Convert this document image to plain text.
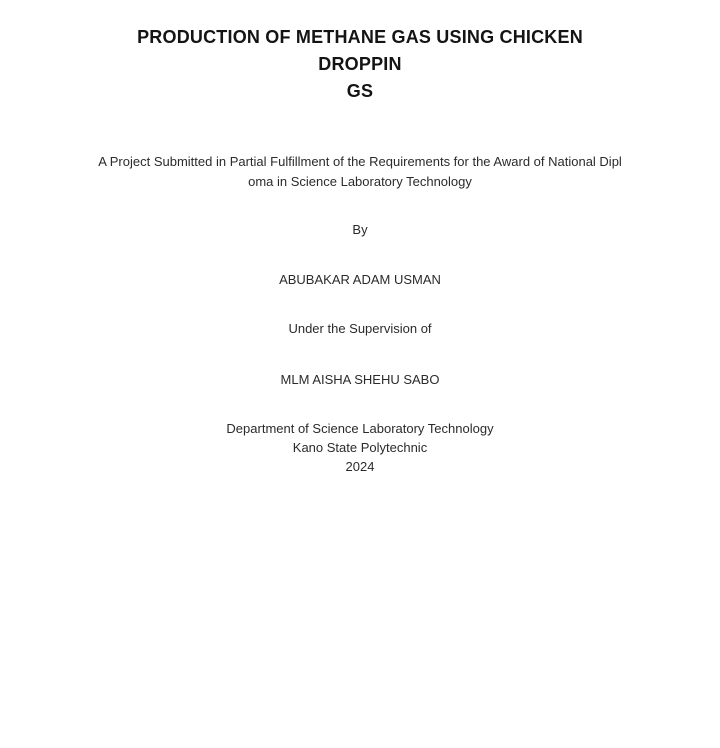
PRODUCTION OF METHANE GAS USING CHICKEN DROPPIN
GS

A Project Submitted in Partial Fulfillment of the Requirements for the Award of National Dipl
oma in Science Laboratory Technology

By

ABUBAKAR ADAM USMAN

Under the Supervision of

MLM AISHA SHEHU SABO

Department of Science Laboratory Technology

Kano State Polytechnic

2024
